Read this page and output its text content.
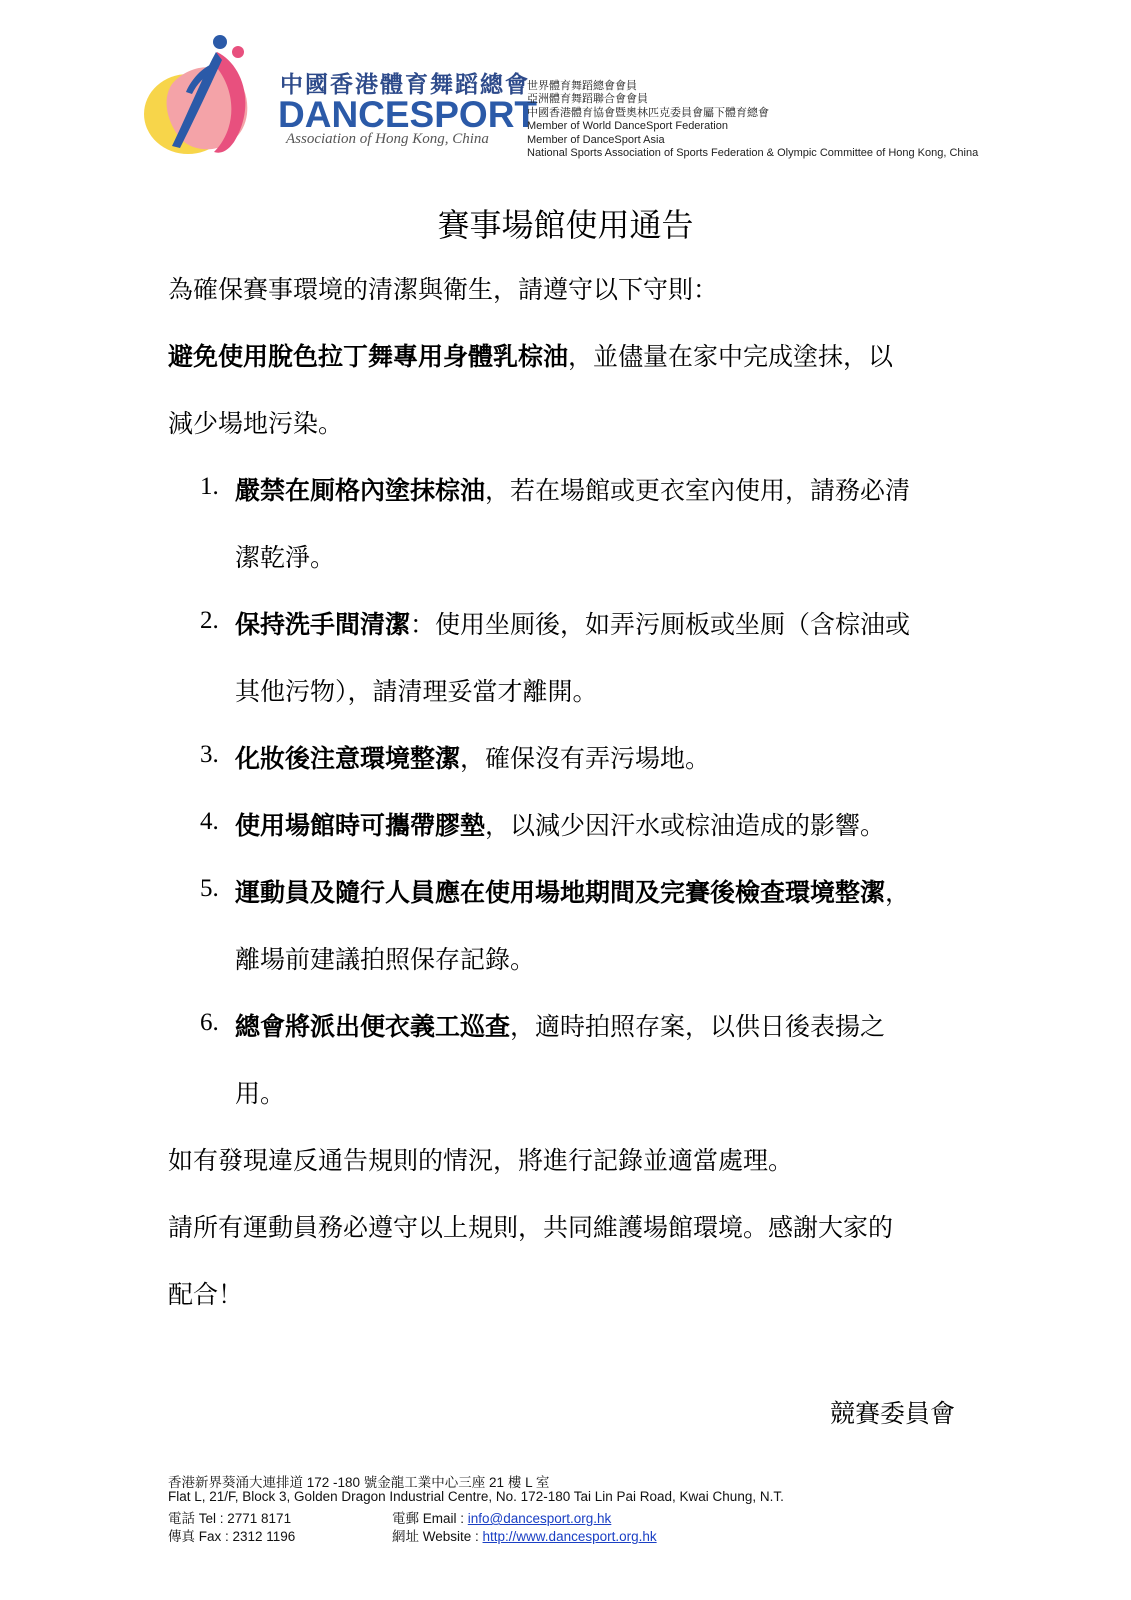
中國香港體育舞蹈總會
DANCESPORT
Association of Hong Kong, China
世界體育舞蹈總會會員
亞洲體育舞蹈聯合會會員
中國香港體育協會暨奧林匹克委員會屬下體育總會
Member of World DanceSport Federation
Member of DanceSport Asia
National Sports Association of Sports Federation & Olympic Committee of Hong Kong, China
賽事場館使用通告
為確保賽事環境的清潔與衛生，請遵守以下守則：
避免使用脫色拉丁舞專用身體乳棕油，並儘量在家中完成塗抹，以
減少場地污染。
1. 嚴禁在厠格內塗抹棕油，若在場館或更衣室內使用，請務必清
潔乾淨。
2. 保持洗手間清潔：使用坐厠後，如弄污厠板或坐厠（含棕油或
其他污物），請清理妥當才離開。
3. 化妝後注意環境整潔，確保沒有弄污場地。
4. 使用場館時可攜帶膠墊，以減少因汗水或棕油造成的影響。
5. 運動員及隨行人員應在使用場地期間及完賽後檢查環境整潔，
離場前建議拍照保存記錄。
6. 總會將派出便衣義工巡查，適時拍照存案，以供日後表揚之
用。
如有發現違反通告規則的情況，將進行記錄並適當處理。
請所有運動員務必遵守以上規則，共同維護場館環境。感謝大家的
配合！
競賽委員會
香港新界葵涌大連排道 172 -180 號金龍工業中心三座 21 樓 L 室
Flat L, 21/F, Block 3, Golden Dragon Industrial Centre, No. 172-180 Tai Lin Pai Road, Kwai Chung, N.T.
電話 Tel : 2771 8171
傳真 Fax : 2312 1196
電郵 Email : info@dancesport.org.hk
網址 Website : http://www.dancesport.org.hk
